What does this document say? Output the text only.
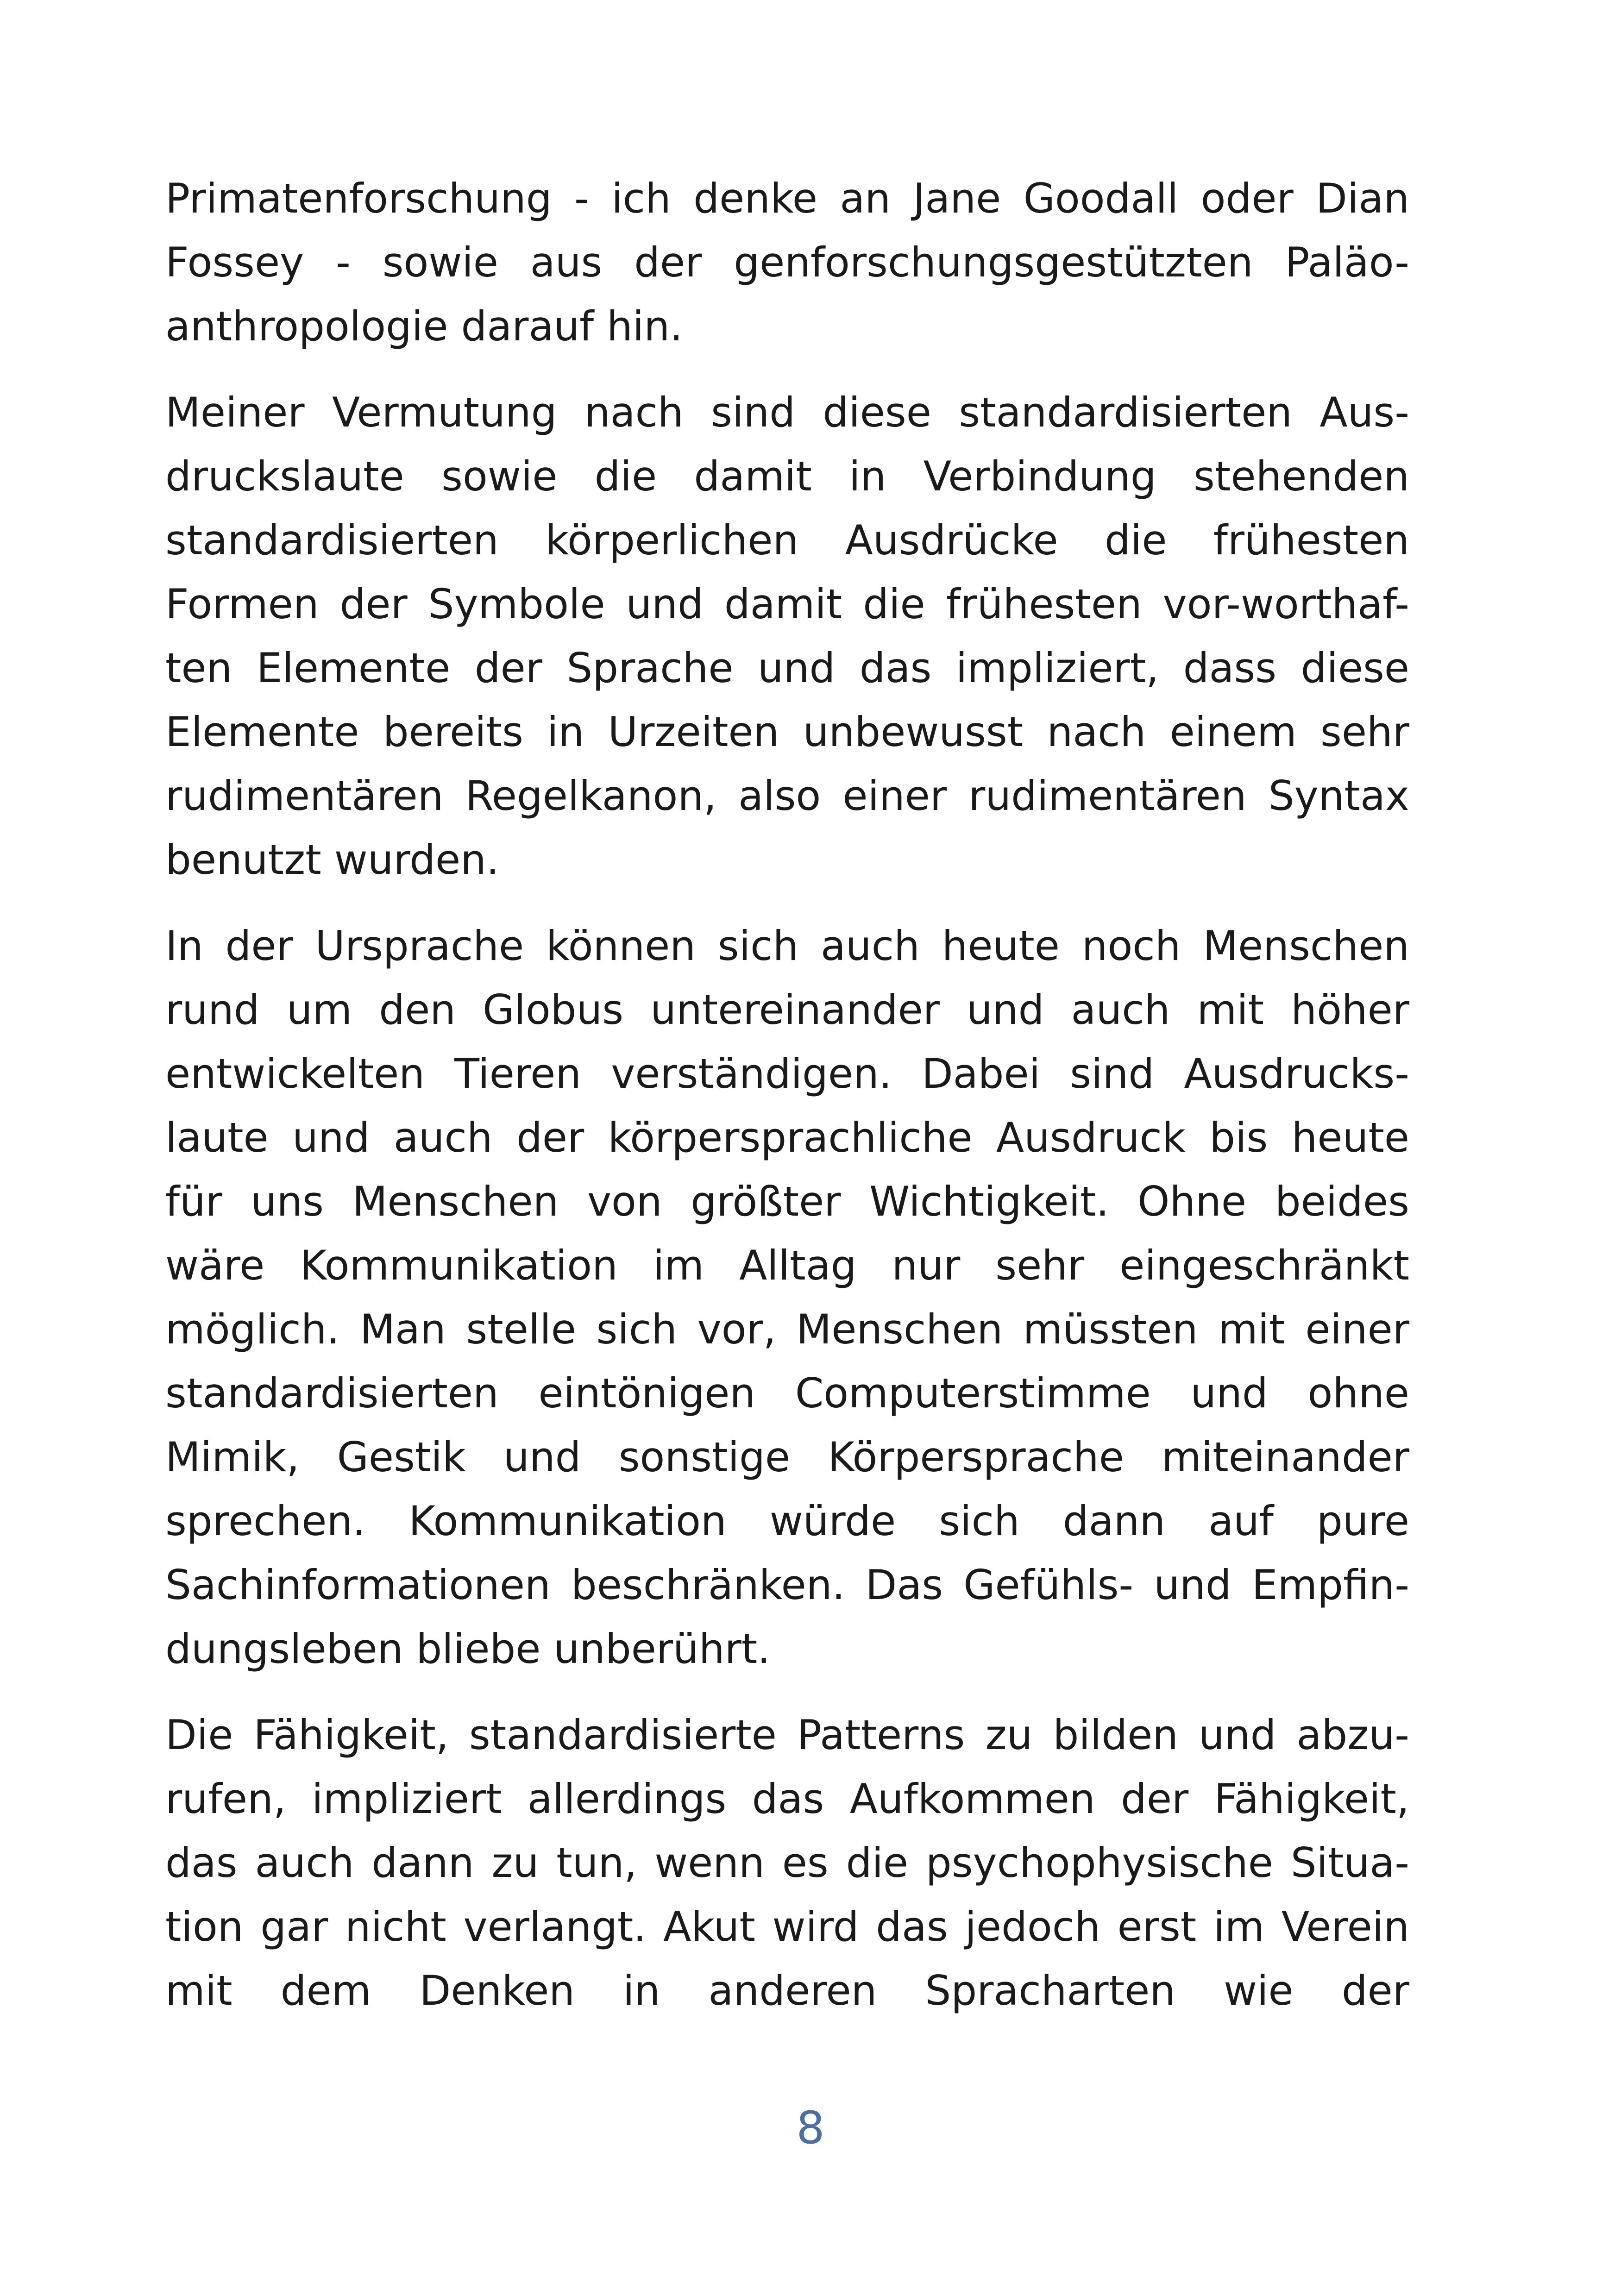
Primatenforschung - ich denke an Jane Goodall oder Dian
Fossey - sowie aus der genforschungsgestützten Paläo-
anthropologie darauf hin.

Meiner Vermutung nach sind diese standardisierten Aus-
druckslaute sowie die damit in Verbindung stehenden
standardisierten körperlichen Ausdrücke die frühesten
Formen der Symbole und damit die frühesten vor-worthaf-
ten Elemente der Sprache und das impliziert, dass diese
Elemente bereits in Urzeiten unbewusst nach einem sehr
rudimentären Regelkanon, also einer rudimentären Syntax
benutzt wurden.

In der Ursprache können sich auch heute noch Menschen
rund um den Globus untereinander und auch mit höher
entwickelten Tieren verständigen. Dabei sind Ausdrucks-
laute und auch der körpersprachliche Ausdruck bis heute
für uns Menschen von größter Wichtigkeit. Ohne beides
wäre Kommunikation im Alltag nur sehr eingeschränkt
möglich. Man stelle sich vor, Menschen müssten mit einer
standardisierten eintönigen Computerstimme und ohne
Mimik, Gestik und sonstige Körpersprache miteinander
sprechen. Kommunikation würde sich dann auf pure
Sachinformationen beschränken. Das Gefühls- und Empfin-
dungsleben bliebe unberührt.

Die Fähigkeit, standardisierte Patterns zu bilden und abzu-
rufen, impliziert allerdings das Aufkommen der Fähigkeit,
das auch dann zu tun, wenn es die psychophysische Situa-
tion gar nicht verlangt. Akut wird das jedoch erst im Verein
mit dem Denken in anderen Spracharten wie der

8
